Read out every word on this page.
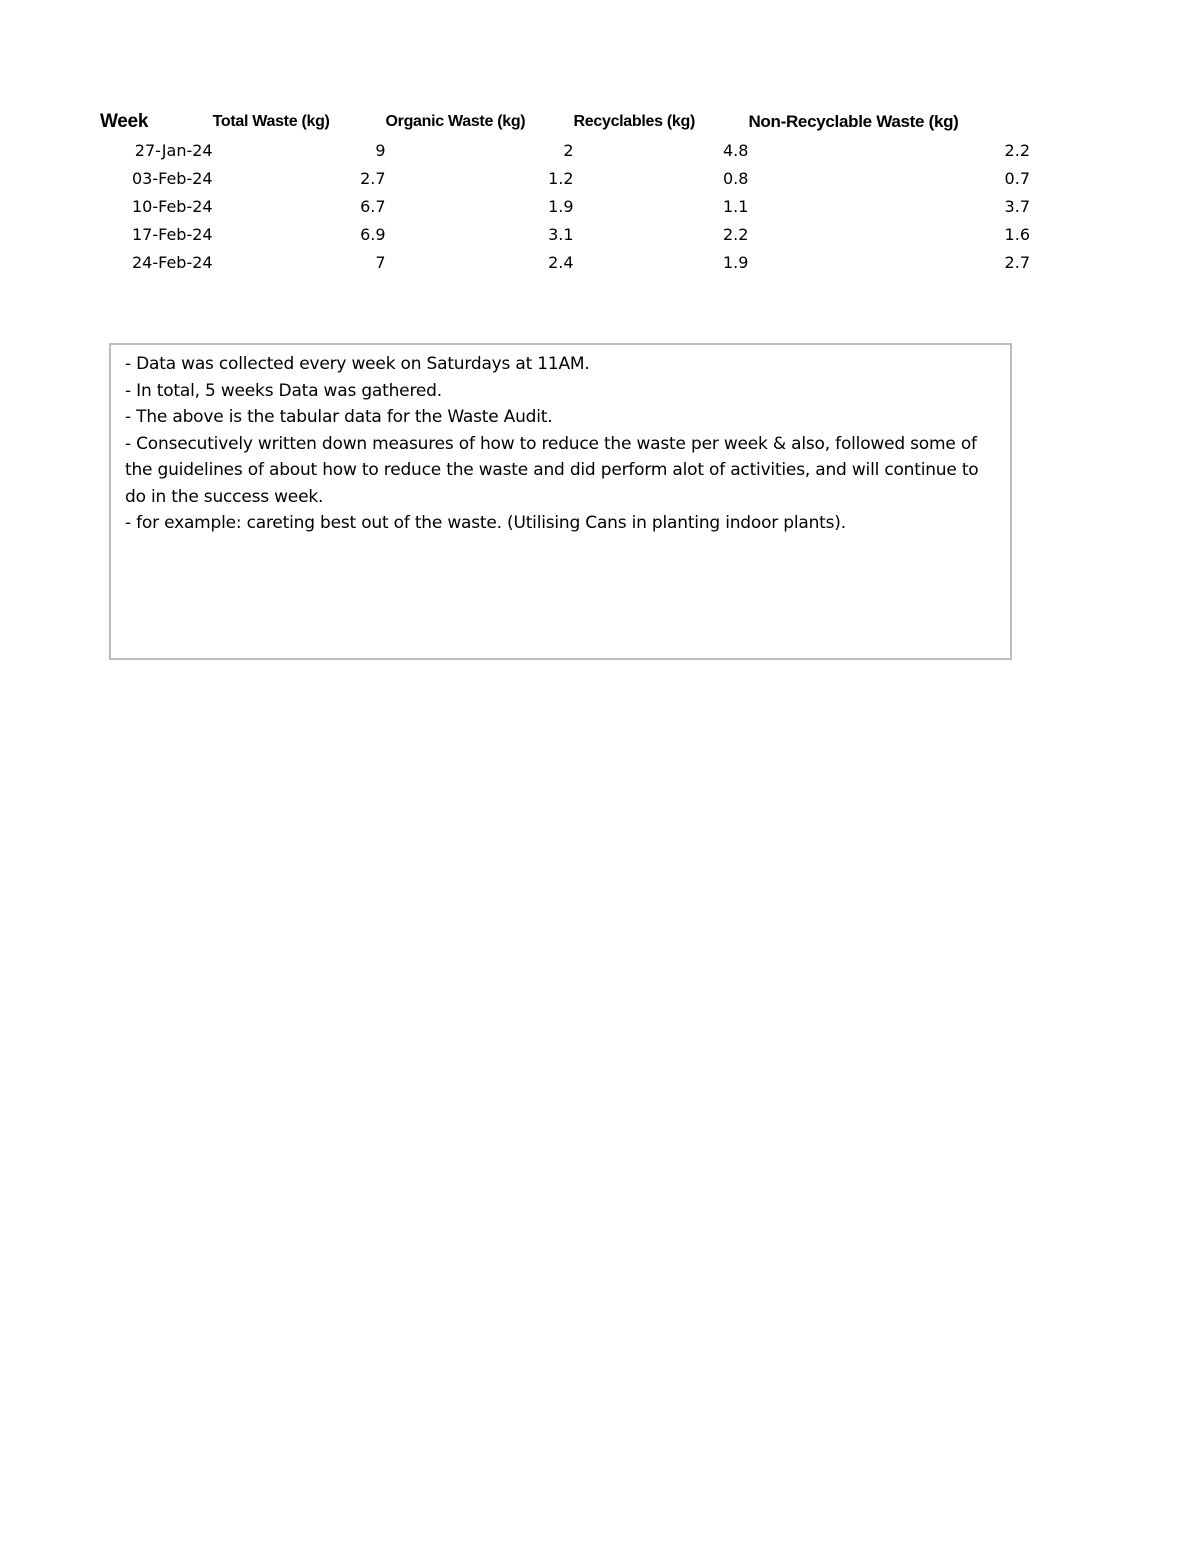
Week	Total Waste (kg)	Organic Waste (kg)	Recyclables (kg)	Non-Recyclable Waste (kg)
27-Jan-24	9	2	4.8	2.2
03-Feb-24	2.7	1.2	0.8	0.7
10-Feb-24	6.7	1.9	1.1	3.7
17-Feb-24	6.9	3.1	2.2	1.6
24-Feb-24	7	2.4	1.9	2.7

- Data was collected every week on Saturdays at 11AM.

- In total, 5 weeks Data was gathered.

- The above is the tabular data for the Waste Audit.

- Consecutively written down measures of how to reduce the waste per week & also, followed some of the guidelines of about how to reduce the waste and did perform alot of activities, and will continue to do in the success week.

- for example: careting best out of the waste. (Utilising Cans in planting indoor plants).
